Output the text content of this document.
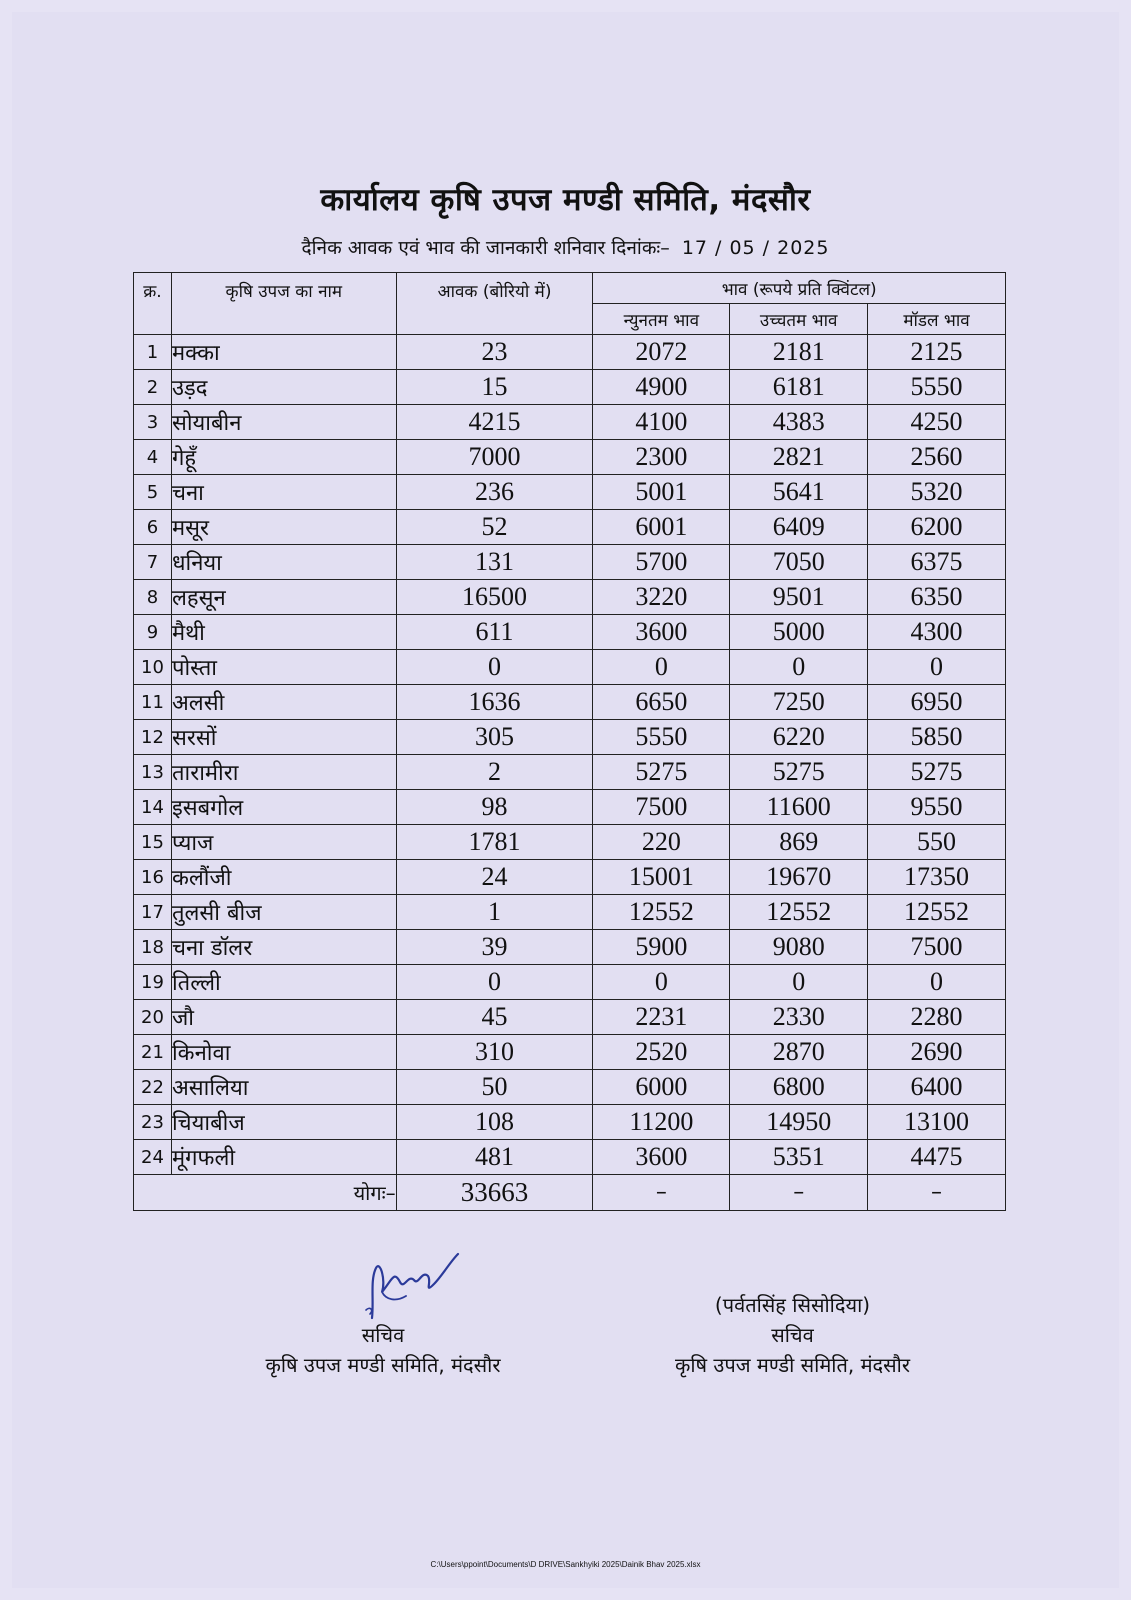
कार्यालय कृषि उपज मण्डी समिति, मंदसौर
दैनिक आवक एवं भाव की जानकारी शनिवार दिनांकः– 17 / 05 / 2025
क्र.	कृषि उपज का नाम	आवक (बोरियो में)	भाव (रूपये प्रति क्विंटल)		
			न्युनतम भाव	उच्चतम भाव	मॉडल भाव
1	मक्का	23	2072	2181	2125
2	उड़द	15	4900	6181	5550
3	सोयाबीन	4215	4100	4383	4250
4	गेहूँ	7000	2300	2821	2560
5	चना	236	5001	5641	5320
6	मसूर	52	6001	6409	6200
7	धनिया	131	5700	7050	6375
8	लहसून	16500	3220	9501	6350
9	मैथी	611	3600	5000	4300
10	पोस्ता	0	0	0	0
11	अलसी	1636	6650	7250	6950
12	सरसों	305	5550	6220	5850
13	तारामीरा	2	5275	5275	5275
14	इसबगोल	98	7500	11600	9550
15	प्याज	1781	220	869	550
16	कलौंजी	24	15001	19670	17350
17	तुलसी बीज	1	12552	12552	12552
18	चना डॉलर	39	5900	9080	7500
19	तिल्ली	0	0	0	0
20	जौ	45	2231	2330	2280
21	किनोवा	310	2520	2870	2690
22	असालिया	50	6000	6800	6400
23	चियाबीज	108	11200	14950	13100
24	मूंगफली	481	3600	5351	4475
योगः–		33663	–	–	–
सचिव
कृषि उपज मण्डी समिति, मंदसौर
(पर्वतसिंह सिसोदिया)
सचिव
कृषि उपज मण्डी समिति, मंदसौर
C:\Users\ppoint\Documents\D DRIVE\Sankhyiki 2025\Dainik Bhav 2025.xlsx
